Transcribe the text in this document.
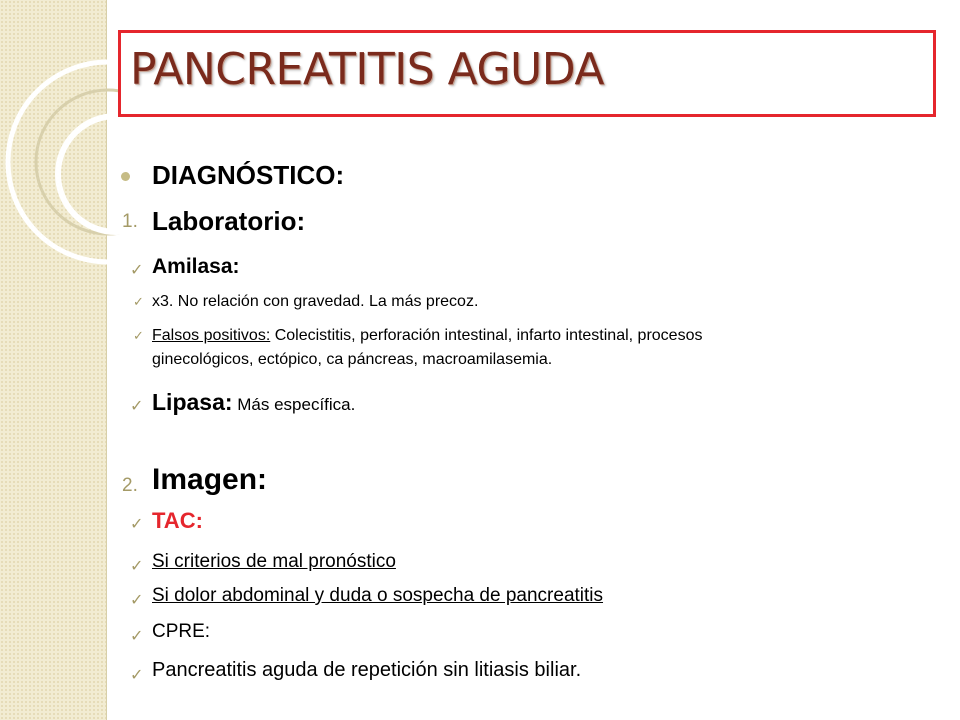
PANCREATITIS AGUDA
DIAGNÓSTICO:
1. Laboratorio:
✓ Amilasa:
✓ x3. No relación con gravedad. La más precoz.
✓ Falsos positivos: Colecistitis, perforación intestinal, infarto intestinal, procesos
ginecológicos, ectópico, ca páncreas, macroamilasemia.
✓ Lipasa: Más específica.
2. Imagen:
✓ TAC:
✓ Si criterios de mal pronóstico
✓ Si dolor abdominal y duda o sospecha de pancreatitis
✓ CPRE:
✓ Pancreatitis aguda de repetición sin litiasis biliar.
